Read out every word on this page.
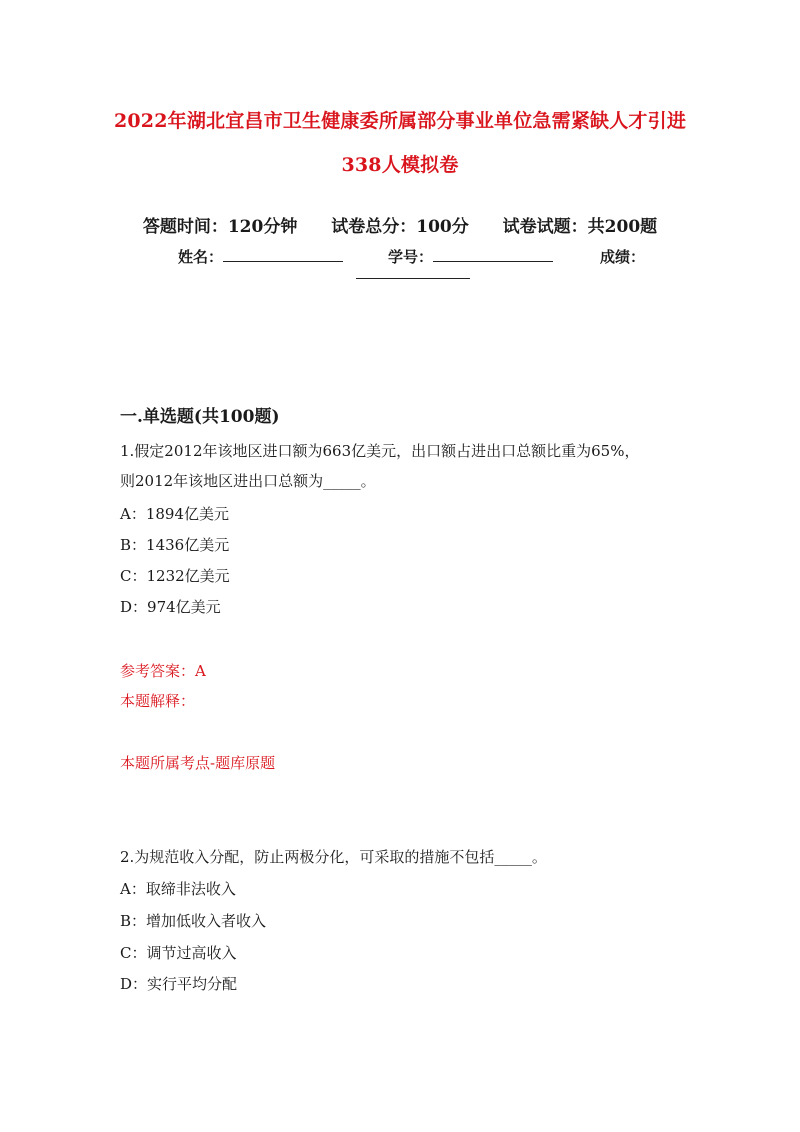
2022年湖北宜昌市卫生健康委所属部分事业单位急需紧缺人才引进
338人模拟卷
答题时间：120分钟 试卷总分：100分 试卷试题：共200题
姓名：	学号：	成绩：
一.单选题(共100题)
1.假定2012年该地区进口额为663亿美元，出口额占进出口总额比重为65%，
则2012年该地区进出口总额为_____。
A：1894亿美元
B：1436亿美元
C：1232亿美元
D：974亿美元
参考答案：A
本题解释：
本题所属考点-题库原题
2.为规范收入分配，防止两极分化，可采取的措施不包括_____。
A：取缔非法收入
B：增加低收入者收入
C：调节过高收入
D：实行平均分配
